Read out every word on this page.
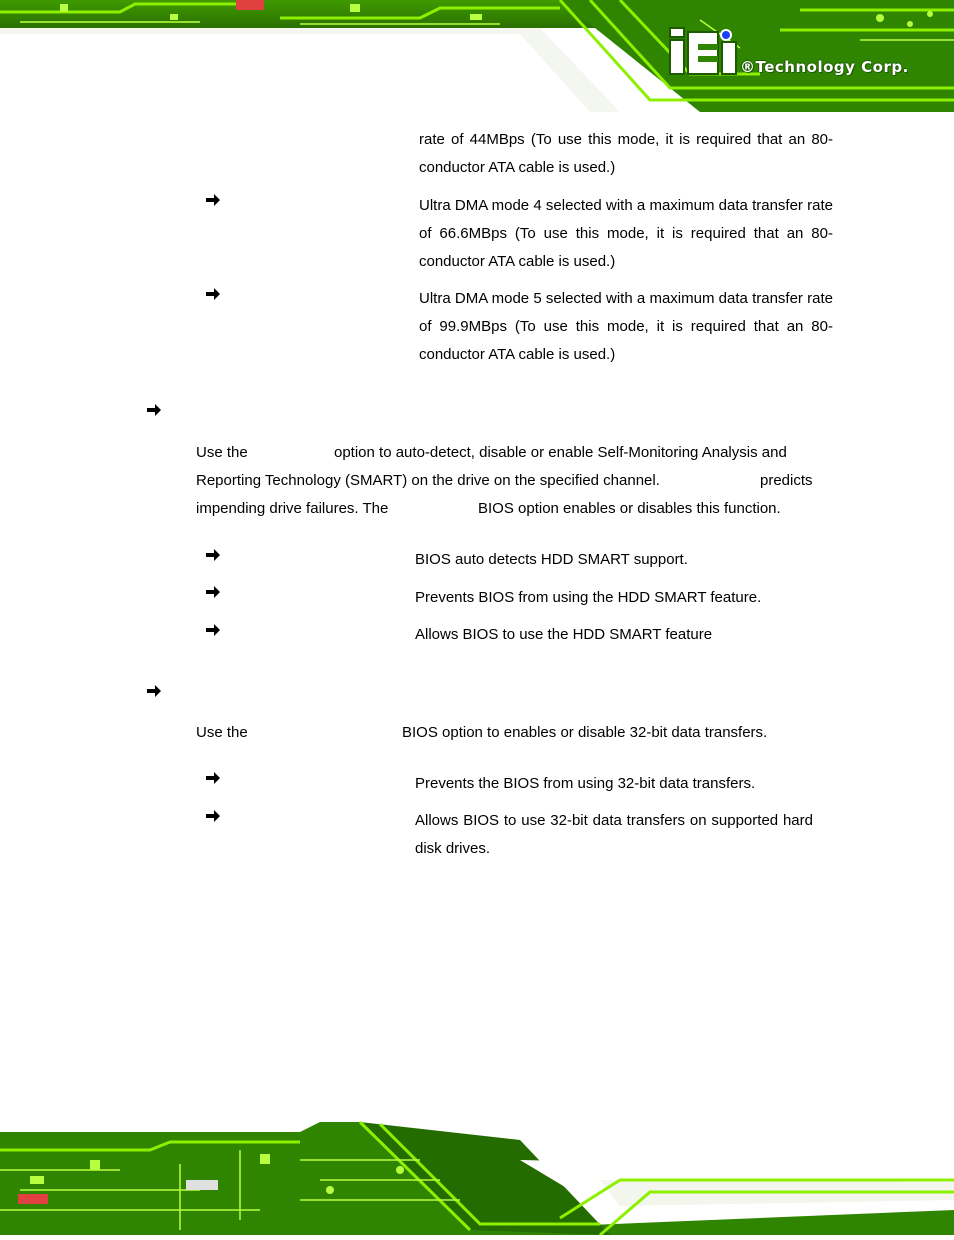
®Technology Corp.
rate of 44MBps (To use this mode, it is required that an 80-conductor ATA cable is used.)
Ultra DMA mode 4 selected with a maximum data transfer rate of 66.6MBps (To use this mode, it is required that an 80-conductor ATA cable is used.)
Ultra DMA mode 5 selected with a maximum data transfer rate of 99.9MBps (To use this mode, it is required that an 80-conductor ATA cable is used.)
Use the	option to auto-detect, disable or enable Self-Monitoring Analysis and
Reporting Technology (SMART) on the drive on the specified channel.	predicts
impending drive failures. The	BIOS option enables or disables this function.
BIOS auto detects HDD SMART support.
Prevents BIOS from using the HDD SMART feature.
Allows BIOS to use the HDD SMART feature
Use the	BIOS option to enables or disable 32-bit data transfers.
Prevents the BIOS from using 32-bit data transfers.
Allows BIOS to use 32-bit data transfers on supported hard disk drives.
